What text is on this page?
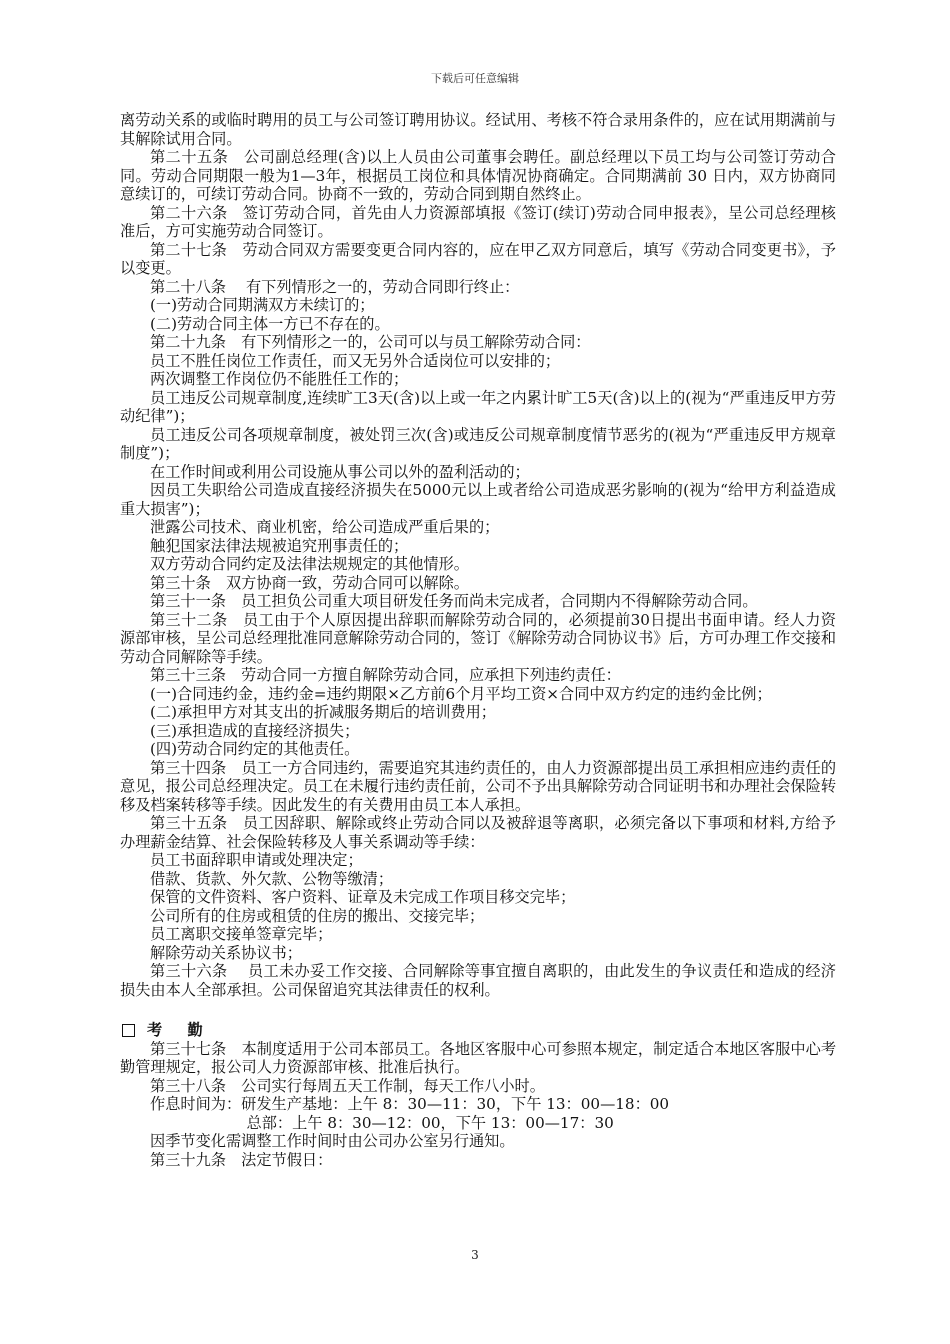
下载后可任意编辑

离劳动关系的或临时聘用的员工与公司签订聘用协议。经试用、考核不符合录用条件的，应在试用期满前与其解除试用合同。

第二十五条　公司副总经理(含)以上人员由公司董事会聘任。副总经理以下员工均与公司签订劳动合同。劳动合同期限一般为1—3年，根据员工岗位和具体情况协商确定。合同期满前 30 日内，双方协商同意续订的，可续订劳动合同。协商不一致的，劳动合同到期自然终止。

第二十六条　签订劳动合同，首先由人力资源部填报《签订(续订)劳动合同申报表》，呈公司总经理核准后，方可实施劳动合同签订。

第二十七条　劳动合同双方需要变更合同内容的，应在甲乙双方同意后，填写《劳动合同变更书》，予以变更。

第二十八条　 有下列情形之一的，劳动合同即行终止：

(一)劳动合同期满双方未续订的；

(二)劳动合同主体一方已不存在的。

第二十九条　有下列情形之一的，公司可以与员工解除劳动合同：

员工不胜任岗位工作责任，而又无另外合适岗位可以安排的；

两次调整工作岗位仍不能胜任工作的；

员工违反公司规章制度,连续旷工3天(含)以上或一年之内累计旷工5天(含)以上的(视为“严重违反甲方劳动纪律”)；

员工违反公司各项规章制度，被处罚三次(含)或违反公司规章制度情节恶劣的(视为“严重违反甲方规章制度”)；

在工作时间或利用公司设施从事公司以外的盈利活动的；

因员工失职给公司造成直接经济损失在5000元以上或者给公司造成恶劣影响的(视为“给甲方利益造成重大损害”)；

泄露公司技术、商业机密，给公司造成严重后果的；

触犯国家法律法规被追究刑事责任的；

双方劳动合同约定及法律法规规定的其他情形。

第三十条　双方协商一致，劳动合同可以解除。

第三十一条　员工担负公司重大项目研发任务而尚未完成者，合同期内不得解除劳动合同。

第三十二条　员工由于个人原因提出辞职而解除劳动合同的，必须提前30日提出书面申请。经人力资源部审核，呈公司总经理批准同意解除劳动合同的，签订《解除劳动合同协议书》后，方可办理工作交接和劳动合同解除等手续。

第三十三条　劳动合同一方擅自解除劳动合同，应承担下列违约责任：

(一)合同违约金，违约金=违约期限×乙方前6个月平均工资×合同中双方约定的违约金比例；

(二)承担甲方对其支出的折减服务期后的培训费用；

(三)承担造成的直接经济损失；

(四)劳动合同约定的其他责任。

第三十四条　员工一方合同违约，需要追究其违约责任的，由人力资源部提出员工承担相应违约责任的意见，报公司总经理决定。员工在未履行违约责任前，公司不予出具解除劳动合同证明书和办理社会保险转移及档案转移等手续。因此发生的有关费用由员工本人承担。

第三十五条　员工因辞职、解除或终止劳动合同以及被辞退等离职，必须完备以下事项和材料,方给予办理薪金结算、社会保险转移及人事关系调动等手续：

员工书面辞职申请或处理决定；

借款、货款、外欠款、公物等缴清；

保管的文件资料、客户资料、证章及未完成工作项目移交完毕；

公司所有的住房或租赁的住房的搬出、交接完毕；

员工离职交接单签章完毕；

解除劳动关系协议书；

第三十六条　 员工未办妥工作交接、合同解除等事宜擅自离职的，由此发生的争议责任和造成的经济损失由本人全部承担。公司保留追究其法律责任的权利。

考 勤

第三十七条　本制度适用于公司本部员工。各地区客服中心可参照本规定，制定适合本地区客服中心考勤管理规定，报公司人力资源部审核、批准后执行。

第三十八条　公司实行每周五天工作制，每天工作八小时。

作息时间为：研发生产基地：上午 8：30—11：30，下午 13：00—18：00

总部：上午 8：30—12：00，下午 13：00—17：30

因季节变化需调整工作时间时由公司办公室另行通知。

第三十九条　法定节假日：

3
